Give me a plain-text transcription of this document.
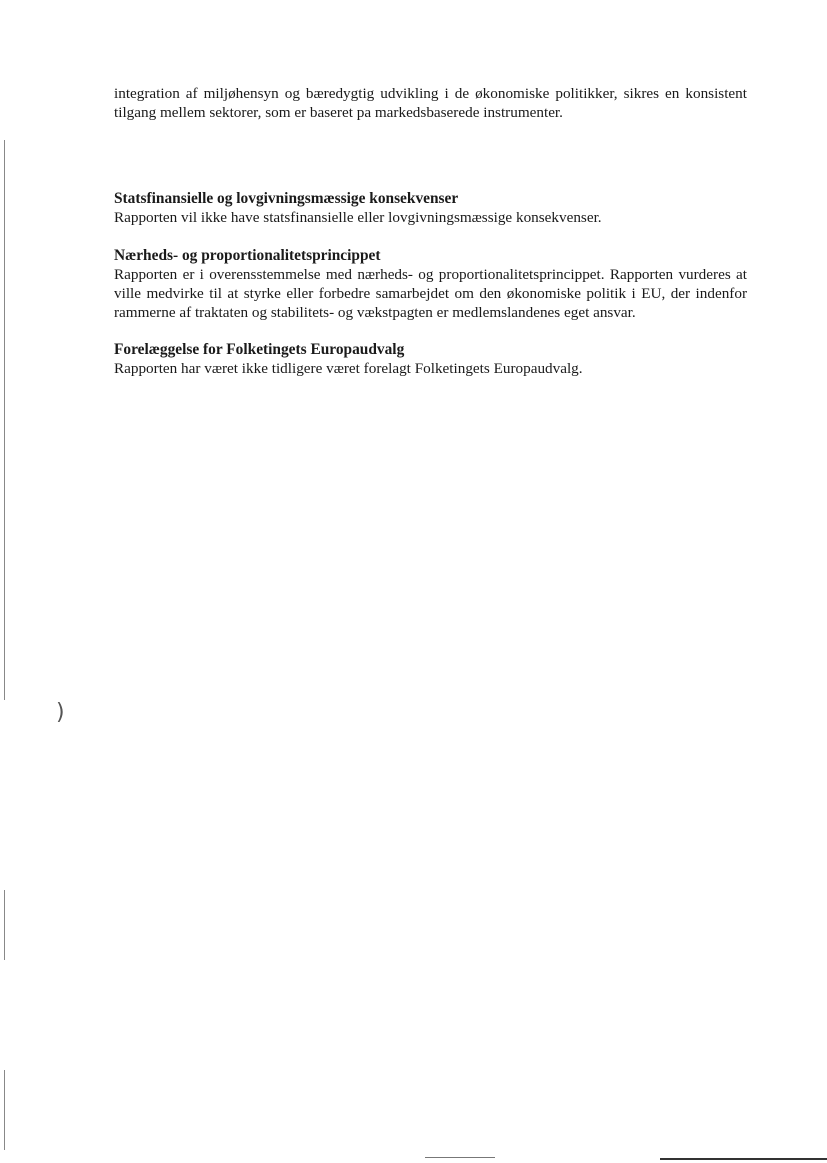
)

integration af miljøhensyn og bæredygtig udvikling i de økonomiske politikker, sikres en konsistent tilgang mellem sektorer, som er baseret pa markedsbaserede instrumenter.

Statsfinansielle og lovgivningsmæssige konsekvenser

Rapporten vil ikke have statsfinansielle eller lovgivningsmæssige konsekvenser.

Nærheds- og proportionalitetsprincippet

Rapporten er i overensstemmelse med nærheds- og proportionalitetsprincippet. Rapporten vurderes at ville medvirke til at styrke eller forbedre samarbejdet om den økonomiske politik i EU, der indenfor rammerne af traktaten og stabilitets- og vækstpagten er medlemslandenes eget ansvar.

Forelæggelse for Folketingets Europaudvalg

Rapporten har været ikke tidligere været forelagt Folketingets Europaudvalg.
